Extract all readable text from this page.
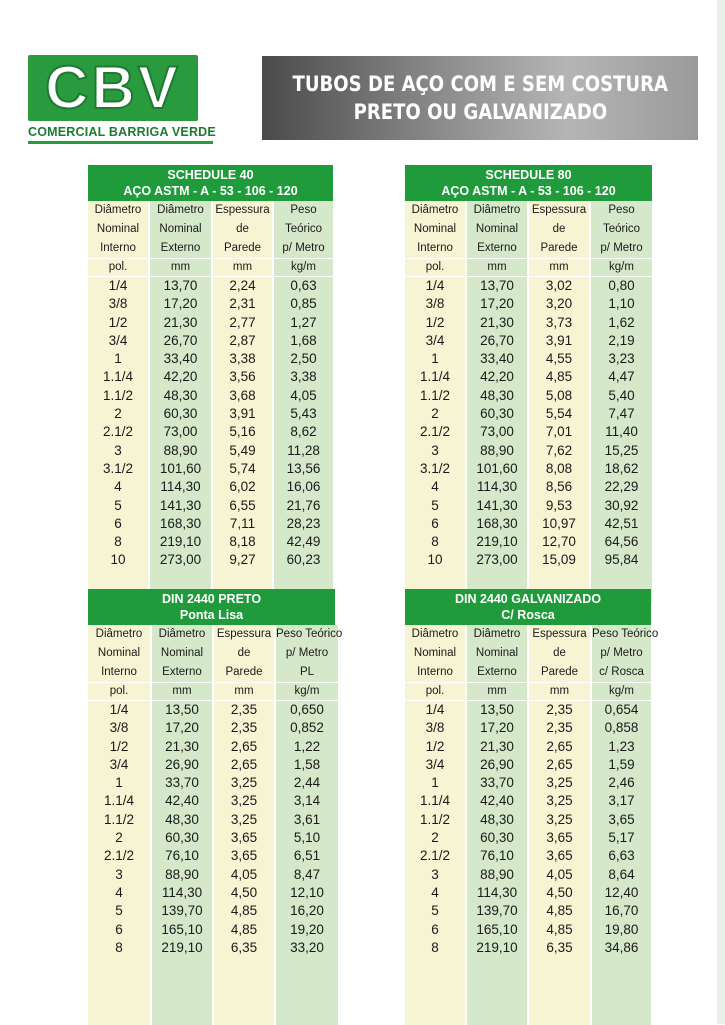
CBV
COMERCIAL BARRIGA VERDE
TUBOS DE AÇO COM E SEM COSTURA
PRETO OU GALVANIZADO
SCHEDULE 40
AÇO ASTM - A - 53 - 106 - 120
Diâmetro
Nominal
Interno
pol.
1/4
3/8
1/2
3/4
1
1.1/4
1.1/2
2
2.1/2
3
3.1/2
4
5
6
8
10
Diâmetro
Nominal
Externo
mm
13,70
17,20
21,30
26,70
33,40
42,20
48,30
60,30
73,00
88,90
101,60
114,30
141,30
168,30
219,10
273,00
Espessura
de
Parede
mm
2,24
2,31
2,77
2,87
3,38
3,56
3,68
3,91
5,16
5,49
5,74
6,02
6,55
7,11
8,18
9,27
Peso
Teórico
p/ Metro
kg/m
0,63
0,85
1,27
1,68
2,50
3,38
4,05
5,43
8,62
11,28
13,56
16,06
21,76
28,23
42,49
60,23
SCHEDULE 80
AÇO ASTM - A - 53 - 106 - 120
Diâmetro
Nominal
Interno
pol.
1/4
3/8
1/2
3/4
1
1.1/4
1.1/2
2
2.1/2
3
3.1/2
4
5
6
8
10
Diâmetro
Nominal
Externo
mm
13,70
17,20
21,30
26,70
33,40
42,20
48,30
60,30
73,00
88,90
101,60
114,30
141,30
168,30
219,10
273,00
Espessura
de
Parede
mm
3,02
3,20
3,73
3,91
4,55
4,85
5,08
5,54
7,01
7,62
8,08
8,56
9,53
10,97
12,70
15,09
Peso
Teórico
p/ Metro
kg/m
0,80
1,10
1,62
2,19
3,23
4,47
5,40
7,47
11,40
15,25
18,62
22,29
30,92
42,51
64,56
95,84
DIN 2440 PRETO
Ponta Lisa
Diâmetro
Nominal
Interno
pol.
1/4
3/8
1/2
3/4
1
1.1/4
1.1/2
2
2.1/2
3
4
5
6
8
Diâmetro
Nominal
Externo
mm
13,50
17,20
21,30
26,90
33,70
42,40
48,30
60,30
76,10
88,90
114,30
139,70
165,10
219,10
Espessura
de
Parede
mm
2,35
2,35
2,65
2,65
3,25
3,25
3,25
3,65
3,65
4,05
4,50
4,85
4,85
6,35
Peso Teórico
p/ Metro
PL
kg/m
0,650
0,852
1,22
1,58
2,44
3,14
3,61
5,10
6,51
8,47
12,10
16,20
19,20
33,20
DIN 2440 GALVANIZADO
C/ Rosca
Diâmetro
Nominal
Interno
pol.
1/4
3/8
1/2
3/4
1
1.1/4
1.1/2
2
2.1/2
3
4
5
6
8
Diâmetro
Nominal
Externo
mm
13,50
17,20
21,30
26,90
33,70
42,40
48,30
60,30
76,10
88,90
114,30
139,70
165,10
219,10
Espessura
de
Parede
mm
2,35
2,35
2,65
2,65
3,25
3,25
3,25
3,65
3,65
4,05
4,50
4,85
4,85
6,35
Peso Teórico
p/ Metro
c/ Rosca
kg/m
0,654
0,858
1,23
1,59
2,46
3,17
3,65
5,17
6,63
8,64
12,40
16,70
19,80
34,86
